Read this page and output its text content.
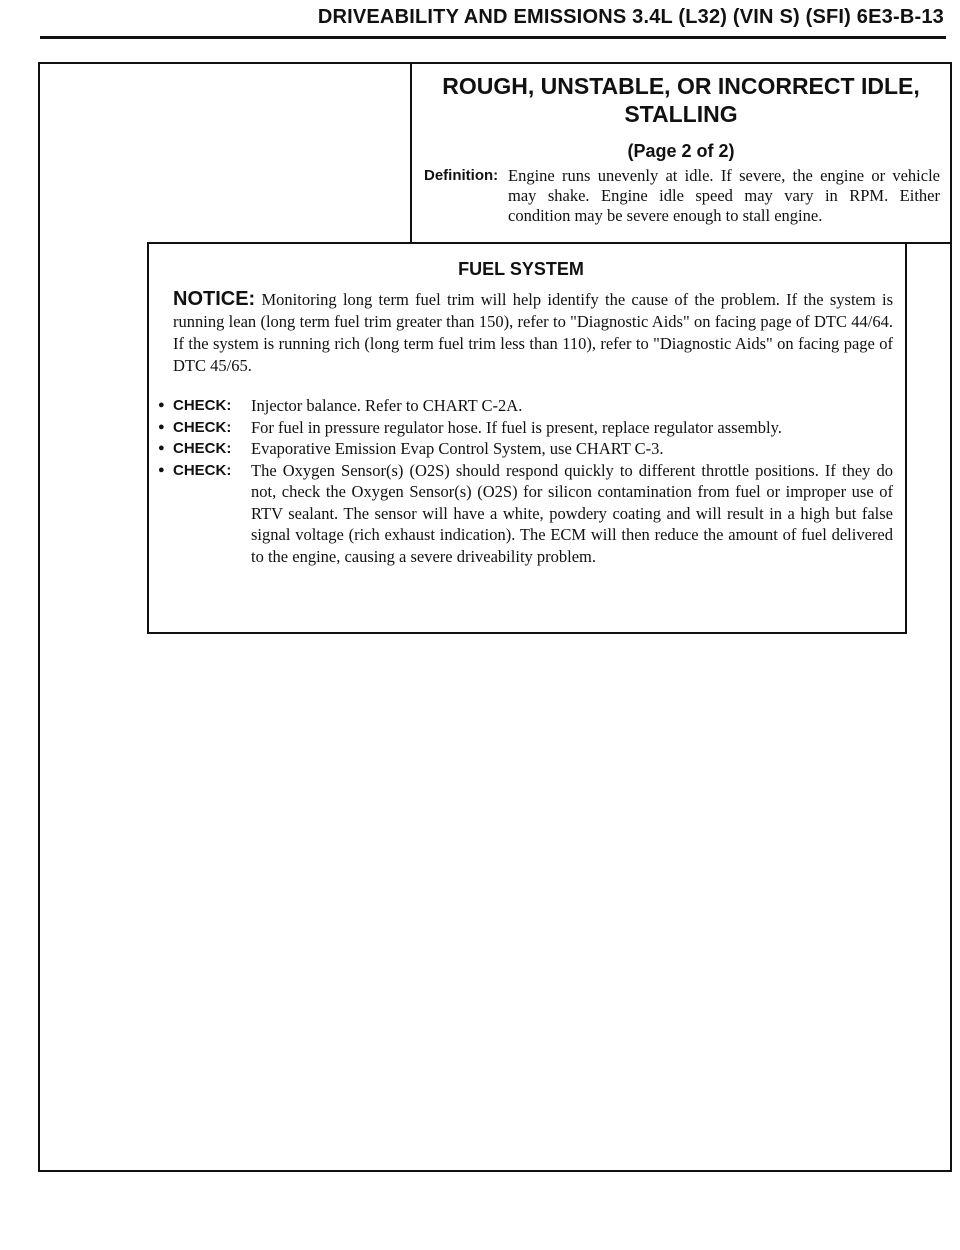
DRIVEABILITY AND EMISSIONS 3.4L (L32) (VIN S) (SFI) 6E3-B-13
ROUGH, UNSTABLE, OR INCORRECT IDLE,
STALLING
(Page 2 of 2)
Definition: Engine runs unevenly at idle. If severe, the engine or vehicle may shake. Engine idle speed may vary in RPM. Either condition may be severe enough to stall engine.
FUEL SYSTEM
NOTICE: Monitoring long term fuel trim will help identify the cause of the problem. If the system is running lean (long term fuel trim greater than 150), refer to "Diagnostic Aids" on facing page of DTC 44/64. If the system is running rich (long term fuel trim less than 110), refer to "Diagnostic Aids" on facing page of DTC 45/65.
● CHECK:	Injector balance. Refer to CHART C-2A.
● CHECK:	For fuel in pressure regulator hose. If fuel is present, replace regulator assembly.
● CHECK:	Evaporative Emission Evap Control System, use CHART C-3.
● CHECK:	The Oxygen Sensor(s) (O2S) should respond quickly to different throttle positions. If they do not, check the Oxygen Sensor(s) (O2S) for silicon contamination from fuel or improper use of RTV sealant. The sensor will have a white, powdery coating and will result in a high but false signal voltage (rich exhaust indication). The ECM will then reduce the amount of fuel delivered to the engine, causing a severe driveability problem.
